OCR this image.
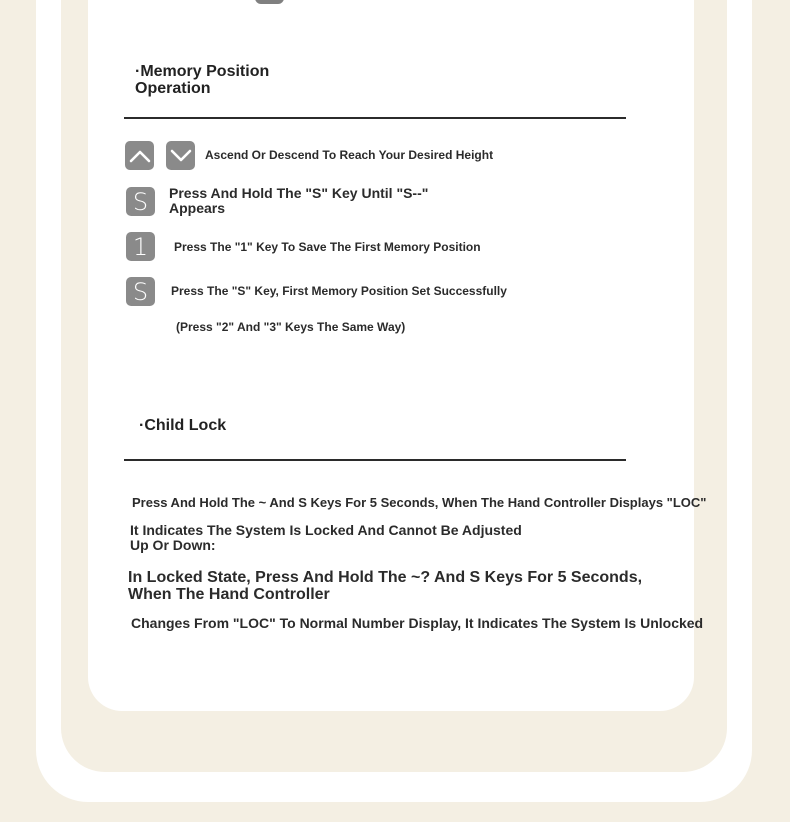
·Memory Position
Operation
Ascend Or Descend To Reach Your Desired Height
S	Press And Hold The "S" Key Until "S--"
Appears
1	Press The "1" Key To Save The First Memory Position
S	Press The "S" Key, First Memory Position Set Successfully
(Press "2" And "3" Keys The Same Way)
·Child Lock
Press And Hold The ~ And S Keys For 5 Seconds, When The Hand Controller Displays "LOC"
It Indicates The System Is Locked And Cannot Be Adjusted
Up Or Down:
In Locked State, Press And Hold The ~? And S Keys For 5 Seconds,
When The Hand Controller
Changes From "LOC" To Normal Number Display, It Indicates The System Is Unlocked
